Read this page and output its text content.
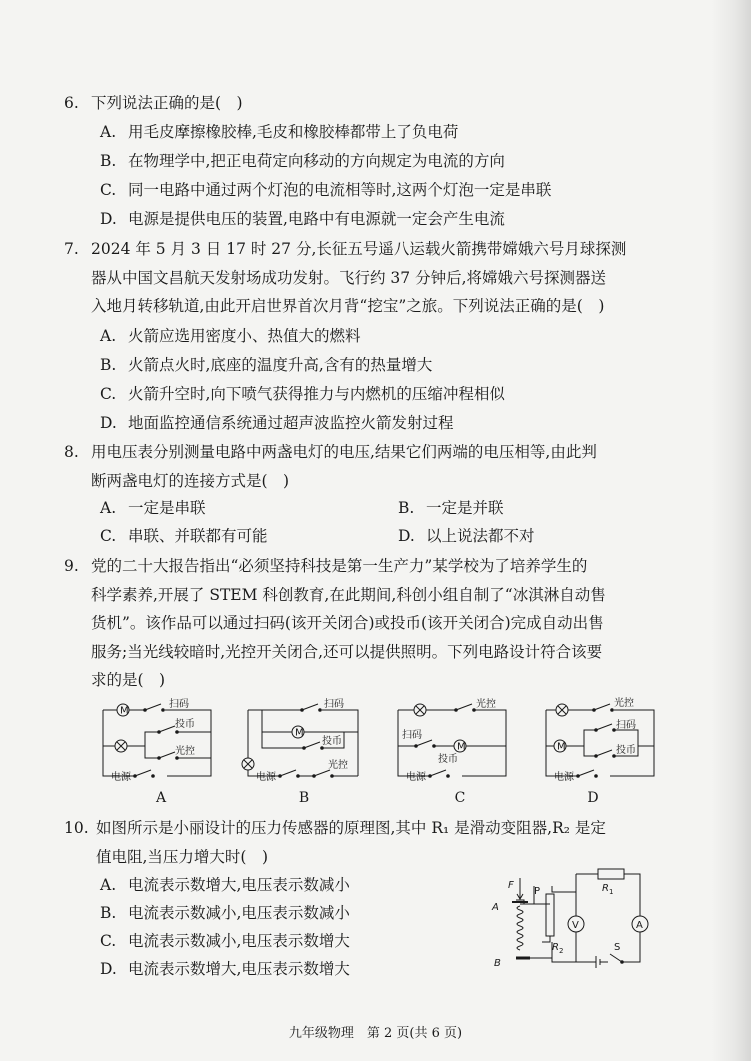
6. 下列说法正确的是(　)
A. 用毛皮摩擦橡胶棒,毛皮和橡胶棒都带上了负电荷
B. 在物理学中,把正电荷定向移动的方向规定为电流的方向
C. 同一电路中通过两个灯泡的电流相等时,这两个灯泡一定是串联
D. 电源是提供电压的装置,电路中有电源就一定会产生电流
7. 2024 年 5 月 3 日 17 时 27 分,长征五号遥八运载火箭携带嫦娥六号月球探测
器从中国文昌航天发射场成功发射。飞行约 37 分钟后,将嫦娥六号探测器送
入地月转移轨道,由此开启世界首次月背“挖宝”之旅。下列说法正确的是(　)
A. 火箭应选用密度小、热值大的燃料
B. 火箭点火时,底座的温度升高,含有的热量增大
C. 火箭升空时,向下喷气获得推力与内燃机的压缩冲程相似
D. 地面监控通信系统通过超声波监控火箭发射过程
8. 用电压表分别测量电路中两盏电灯的电压,结果它们两端的电压相等,由此判
断两盏电灯的连接方式是(　)
A. 一定是串联	B. 一定是并联
C. 串联、并联都有可能	D. 以上说法都不对
9. 党的二十大报告指出“必须坚持科技是第一生产力”某学校为了培养学生的
科学素养,开展了 STEM 科创教育,在此期间,科创小组自制了“冰淇淋自动售
货机”。该作品可以通过扫码(该开关闭合)或投币(该开关闭合)完成自动出售
服务;当光线较暗时,光控开关闭合,还可以提供照明。下列电路设计符合该要
求的是(　)
M
扫码
投币
光控
电源
A
扫码
M
投币
光控
电源
B
光控
扫码
M
投币
电源
C
光控
M
扫码
投币
电源
D
10. 如图所示是小丽设计的压力传感器的原理图,其中 R₁ 是滑动变阻器,R₂ 是定
值电阻,当压力增大时(　)
A. 电流表示数增大,电压表示数减小
B. 电流表示数减小,电压表示数减小
C. 电流表示数减小,电压表示数增大
D. 电流表示数增大,电压表示数增大
R 1
V	A
S
P
R 2
F
A
B
九年级物理　第 2 页(共 6 页)
